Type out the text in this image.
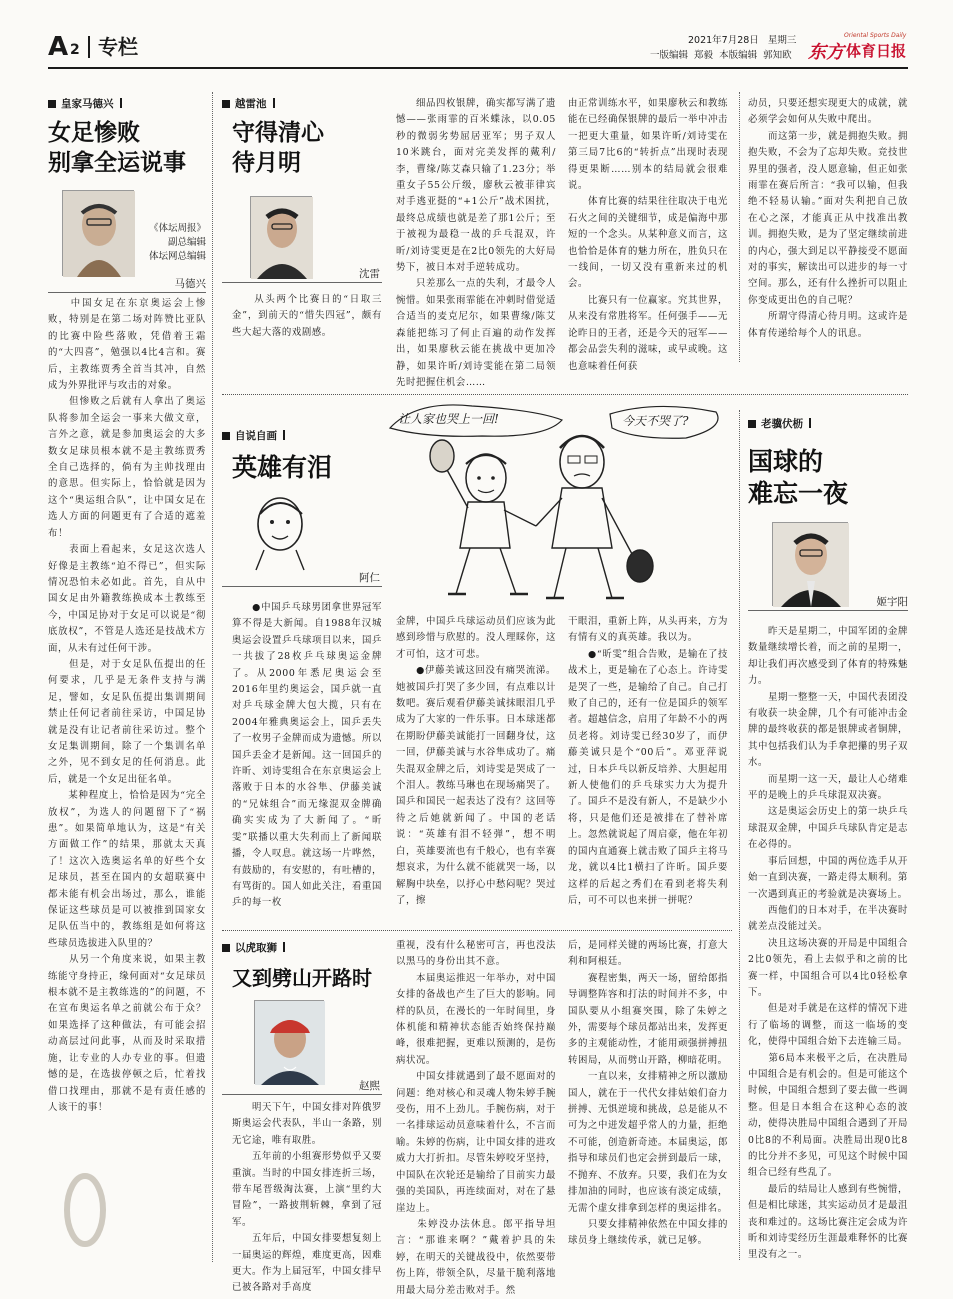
A 2 专栏	2021年7月28日 星期三
一版编辑  郑毅  本版编辑  郭知欧
Oriental Sports Daily
东方 体育日报
皇家马德兴
女足惨败
别拿全运说事
《体坛周报》
副总编辑
体坛网总编辑
马德兴
　　中国女足在东京奥运会上惨败，特别是在第二场对阵赞比亚队的比赛中险些落败，凭借着王霜的“大四喜”，勉强以4比4言和。赛后，主教练贾秀全首当其冲，自然成为外界批评与攻击的对象。
　　但惨败之后就有人拿出了奥运队将参加全运会一事来大做文章，言外之意，就是参加奥运会的大多数女足球员根本就不是主教练贾秀全自己选择的，倘有为主帅找理由的意思。但实际上，恰恰就是因为这个“奥运组合队”，让中国女足在选人方面的问题更有了合适的遮羞布！
　　表面上看起来，女足这次选人好像是主教练“迫不得已”，但实际情况恐怕未必如此。首先，自从中国女足由外籍教练换成本土教练至今，中国足协对于女足可以说是“彻底放权”，不管是人选还是技战术方面，从未有过任何干涉。
　　但是，对于女足队伍提出的任何要求，几乎是无条件支持与满足，譬如，女足队伍提出集训期间禁止任何记者前往采访，中国足协就是没有让记者前往采访过。整个女足集训期间，除了一个集训名单之外，见不到女足的任何消息。此后，就是一个女足出征名单。
　　某种程度上，恰恰是因为“完全放权”，为选人的问题留下了“祸患”。如果简单地认为，这是“有关方面做工作”的结果，那就太天真了！这次入选奥运名单的好些个女足球员，甚至在国内的女超联赛中都未能有机会出场过，那么，谁能保证这些球员是可以被推到国家女足队伍当中的，教练组是如何将这些球员选拔进入队里的？
　　从另一个角度来说，如果主教练能守身持正，缘何面对“女足球员根本就不是主教练选的”的问题，不在宣布奥运名单之前就公布于众？如果选择了这种做法，有可能会招动高层过问此事，从而及时采取措施，让专业的人办专业的事。但遗憾的是，在选拔停顿之后，忙着找借口找理由，那就不是有责任感的人该干的事！
越雷池
守得清心
待月明
沈雷
　　从头两个比赛日的“日取三金”，到前天的“惜失四冠”，颇有些大起大落的戏剧感。
　　细品四枚银牌，确实都写满了遗憾——张雨霏的百米蝶泳，以0.05秒的微弱劣势屈居亚军；男子双人10米跳台，面对完美发挥的戴利/李，曹缘/陈艾森只输了1.23分；举重女子55公斤级，廖秋云被菲律宾对手逃亚挺的“+1公斤”战术困扰，最终总成绩也就是差了那1公斤；至于被视为最稳一战的乒乓混双，许昕/刘诗雯更是在2比0领先的大好局势下，被日本对手逆转成功。
　　只差那么一点的失利，才最令人惋惜。如果张雨霏能在冲刺时借觉适合适当的麦克尼尔，如果曹缘/陈艾森能把练习了何止百遍的动作发挥出，如果廖秋云能在挑战中更加冷静，如果许昕/刘诗雯能在第二局领先时把握住机会……
由正常训练水平，如果廖秋云和教练能在已经确保银牌的最后一举中冲击一把更大重量，如果许昕/刘诗雯在第三局7比6的“转折点”出现时表现得更果断……别本的结局就会很难说。
　　体育比赛的结果往往取决于电光石火之间的关键细节，成是偏海中那短的一个念头。从某种意义而言，这也恰恰是体育的魅力所在，胜负只在一线间，一切又没有重新来过的机会。
　　比赛只有一位赢家。究其世界，从来没有常胜将军。任何强手——无论昨日的王者，还是今天的冠军——都会品尝失利的滋味，或早或晚。这也意味着任何获
动员，只要还想实现更大的成就，就必须学会如何从失败中爬出。
　　而这第一步，就是拥抱失败。拥抱失败，不会为了忘却失败。竞技世界里的强者，没人愿意输，但正如张雨霏在赛后所言：“我可以输，但我绝不轻易认输。”面对失利把自己放在心之深，才能真正从中找准出教训。拥抱失败，是为了坚定继续前进的内心，强大到足以平静接受不愿面对的事实，解读出可以进步的每一寸空间。那么，还有什么挫折可以阻止你变成更出色的自己呢？
　　所谓守得清心待月明。这或许是体育传递给每个人的讯息。
自说自画
英雄有泪
阿仁
让人家也哭上一回!	今天不哭了?
　　●中国乒乓球男团拿世界冠军算不得是大新闻。自1988年汉城奥运会设置乒乓球项目以来，国乒一共拔了28枚乒乓球奥运金牌了。从2000年悉尼奥运会至2016年里约奥运会，国乒就一直对乒乓球金牌大包大揽，只有在2004年雅典奥运会上，国乒丢失了一枚男子金牌而成为遗憾。所以国乒丢金才是新闻。这一回国乒的许昕、刘诗雯组合在东京奥运会上落败于日本的水谷隼、伊藤美诚的“兄妹组合”而无缘混双金牌确确实实成为了大新闻了。“昕雯”联播以重大失利而上了新闻联播，令人叹息。就这场一片哗然，有鼓励的，有安慰的，有吐槽的，有骂街的。国人如此关注，看重国乒的每一枚
金牌，中国乒乓球运动员们应该为此感到珍惜与欣慰的。没人理睬你，这才可怕，这才可悲。
　　●伊藤美诚这回没有痛哭流涕。她被国乒打哭了多少回，有点难以计数吧。赛后观看伊藤美诚抹眼泪几乎成为了大家的一件乐事。日本球迷都在期盼伊藤美诚能打一回翻身仗，这一回，伊藤美诚与水谷隼成功了。痛失混双金牌之后，刘诗雯是哭成了一个泪人。教练马琳也在现场痛哭了。国乒和国民一起表达了没有？这回等待之后她就新闻了。中国的老话说：“英雄有泪不轻弹”，想不明白，英雄要流也有千般心，也有幸赛想哀求，为什么就不能就哭一场，以解胸中块垒，以抒心中愁闷呢？哭过了，擦
干眼泪，重新上阵，从头再来，方为有情有义的真英雄。我以为。
　　●“昕雯”组合告败，是输在了技战术上，更是输在了心态上。许诗雯是哭了一些，是输给了自己。自己打败了自己的，还有一位是国乒的领军者。超越信念，启用了年龄不小的两员老将。刘诗雯已经30岁了，而伊藤美诚只是个“00后”。邓亚萍说过，日本乒乓以新反培养、大胆起用新人使他们的乒乓球实力大为提升了。国乒不是没有新人，不是缺少小将，只是他们还是被排在了替补席上。忽然就说起了周启豪，他在年初的国内直通赛上就击败了国乒主将马龙，就以4比1横扫了许昕。国乒要这样的后起之秀们在看到老将失利后，可不可以也来拼一拼呢？
老骥伏枥
国球的
难忘一夜
姬宇阳
　　昨天是星期二，中国军团的金牌数量继续增长着，而之前的星期一，却让我们再次感受到了体育的特殊魅力。
　　星期一整整一天，中国代表团没有收获一块金牌，几个有可能冲击金牌的最终收获的都是银牌或者铜牌，其中包括我们认为手拿把攥的男子双水。
　　而星期一这一天，最让人心绪难平的是晚上的乒乓球混双决赛。
　　这是奥运会历史上的第一块乒乓球混双金牌，中国乒乓球队肯定是志在必得的。
　　事后回想，中国的两位选手从开始一直到决赛，一路走得太顺利。第一次遇到真正的考验就是决赛场上。
　　西他们的日本对手，在半决赛时就差点没能过关。
　　决且这场决赛的开局是中国组合2比0领先，看上去似乎和之前的比赛一样，中国组合可以4比0轻松拿下。
　　但是对手就是在这样的情况下进行了临场的调整，而这一临场的变化，使得中国组合始下去连输三局。
　　第6局本来极平之后，在决胜局中国组合是有机会的。但是可能这个时候，中国组合想到了要去做一些调整。但是日本组合在这种心态的波动，使得决胜局中国组合遇到了开局0比8的不利局面。决胜局出现0比8的比分并不多见，可见这个时候中国组合已经有些乱了。
　　最后的结局让人感到有些惋惜，但是相比球迷，其实运动员才是最沮丧和难过的。这场比赛注定会成为许昕和刘诗雯经历生涯最难释怀的比赛里没有之一。
以虎取狮
又到劈山开路时
赵熙
　　明天下午，中国女排对阵俄罗斯奥运会代表队，半山一条路，别无它途，唯有取胜。
　　五年前的小组赛形势似乎又要重演。当时的中国女排连折三场，带车尾晋级淘汰赛，上演“里约大冒险”，一路披荆斩棘，拿到了冠军。
　　五年后，中国女排要想复刻上一届奥运的辉煌，难度更高，因难更大。作为上届冠军，中国女排早已被各路对手高度
重视，没有什么秘密可言，再也没法以黑马的身份出其不意。
　　本届奥运推迟一年举办，对中国女排的备战也产生了巨大的影响。同样的队员，在漫长的一年时间里，身体机能和精神状态能否始终保持巅峰，很难把握，更难以预测的，是伤病状况。
　　中国女排就遇到了最不愿面对的问题：绝对核心和灵魂人物朱婷手腕受伤，用不上劲儿。手腕伤病，对于一名排球运动员意味着什么，不言而喻。朱婷的伤病，让中国女排的进攻威力大打折扣。尽管朱婷咬牙坚持，中国队在次轮还是输给了目前实力最强的美国队，再连续面对，对在了悬崖边上。
　　朱婷没办法休息。郎平指导坦言：“那谁来啊？”戴着护具的朱婷，在明天的关键战役中，依然要带伤上阵，带领全队，尽量干脆利落地用最大局分差击败对手。然
后，是同样关键的两场比赛，打意大利和阿根廷。
　　赛程密集，两天一场，留给郎指导调整阵容和打法的时间并不多，中国队要从小组赛突围，除了朱婷之外，需要每个球员都站出来，发挥更多的主观能动性，才能用顽强拼搏扭转困局，从而劈山开路，柳暗花明。
　　一直以来，女排精神之所以激励国人，就在于一代代女排姑娘们奋力拼搏、无惧逆境和挑战，总是能从不可为之中迸发超乎常人的力量，拒绝不可能，创造新奇迹。本届奥运，郎指导和球员们也定会拼到最后一球，不抛弃、不放弃。只要，我们在为女排加油的同时，也应该有淡定成绩，无需个虚女排拿到怎样的奥运排名。
　　只要女排精神依然在中国女排的球员身上继续传承，就已足够。
